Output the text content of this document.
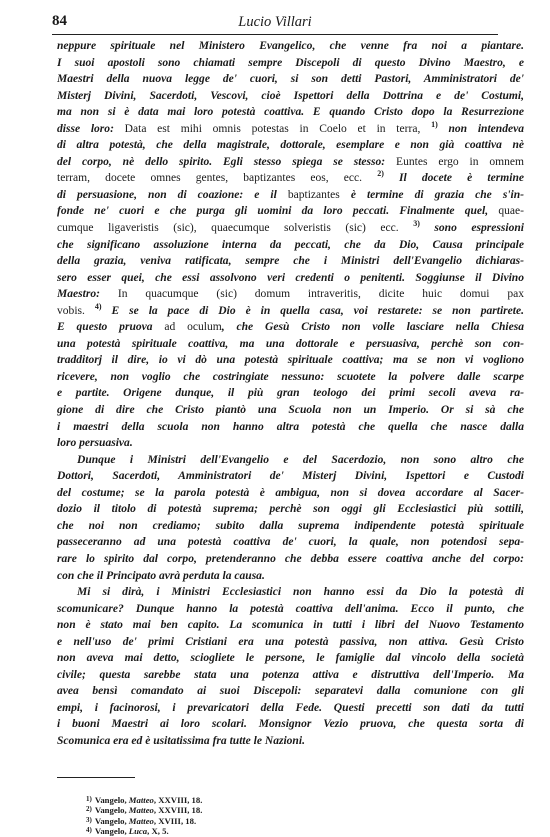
84	Lucio Villari
neppure spirituale nel Ministero Evangelico, che venne fra noi a piantare.
I suoi apostoli sono chiamati sempre Discepoli di questo Divino Maestro, e
Maestri della nuova legge de' cuori, si son detti Pastori, Amministratori de'
Misterj Divini, Sacerdoti, Vescovi, cioè Ispettori della Dottrina e de' Costumi,
ma non si è data mai loro potestà coattiva. E quando Cristo dopo la Resurrezione
disse loro: Data est mihi omnis potestas in Coelo et in terra, $^{1)}$ non intendeva
di altra potestà, che della magistrale, dottorale, esemplare e non già coattiva nè
del corpo, nè dello spirito. Egli stesso spiega se stesso: Euntes ergo in omnem
terram, docete omnes gentes, baptizantes eos, ecc. $^{2)}$ Il docete è termine
di persuasione, non di coazione: e il baptizantes è termine di grazia che s'in-
fonde ne' cuori e che purga gli uomini da loro peccati. Finalmente quel, quae-
cumque ligaveristis (sic), quaecumque solveristis (sic) ecc. $^{3)}$ sono espressioni
che significano assoluzione interna da peccati, che da Dio, Causa principale
della grazia, veniva ratificata, sempre che i Ministri dell'Evangelio dichiaras-
sero esser quei, che essi assolvono veri credenti o penitenti. Soggiunse il Divino
Maestro: In quacumque (sic) domum intraveritis, dicite huic domui pax
vobis. $^{4)}$ E se la pace di Dio è in quella casa, voi restarete: se non partirete.
E questo pruova ad oculum, che Gesù Cristo non volle lasciare nella Chiesa
una potestà spirituale coattiva, ma una dottorale e persuasiva, perchè son con-
tradditorj il dire, io vi dò una potestà spirituale coattiva; ma se non vi vogliono
ricevere, non voglio che costringiate nessuno: scuotete la polvere dalle scarpe
e partite. Origene dunque, il più gran teologo dei primi secoli aveva ra-
gione di dire che Cristo piantò una Scuola non un Imperio. Or si sà che
i maestri della scuola non hanno altra potestà che quella che nasce dalla
loro persuasiva.
Dunque i Ministri dell'Evangelio e del Sacerdozio, non sono altro che
Dottori, Sacerdoti, Amministratori de' Misterj Divini, Ispettori e Custodi
del costume; se la parola potestà è ambigua, non si dovea accordare al Sacer-
dozio il titolo di potestà suprema; perchè son oggi gli Ecclesiastici più sottili,
che noi non crediamo; subito dalla suprema indipendente potestà spirituale
passeceranno ad una potestà coattiva de' cuori, la quale, non potendosi sepa-
rare lo spirito dal corpo, pretenderanno che debba essere coattiva anche del corpo:
con che il Principato avrà perduta la causa.
Mi si dirà, i Ministri Ecclesiastici non hanno essi da Dio la potestà di
scomunicare? Dunque hanno la potestà coattiva dell'anima. Ecco il punto, che
non è stato mai ben capito. La scomunica in tutti i libri del Nuovo Testamento
e nell'uso de' primi Cristiani era una potestà passiva, non attiva. Gesù Cristo
non aveva mai detto, sciogliete le persone, le famiglie dal vincolo della società
civile; questa sarebbe stata una potenza attiva e distruttiva dell'Imperio. Ma
avea bensì comandato ai suoi Discepoli: separatevi dalla comunione con gli
empi, i facinorosi, i prevaricatori della Fede. Questi precetti son dati da tutti
i buoni Maestri ai loro scolari. Monsignor Vezio pruova, che questa sorta di
Scomunica era ed è usitatissima fra tutte le Nazioni.
$^{1)}$ Vangelo, Matteo, XXVIII, 18.
$^{2)}$ Vangelo, Matteo, XXVIII, 18.
$^{3)}$ Vangelo, Matteo, XVIII, 18.
$^{4)}$ Vangelo, Luca, X, 5.
